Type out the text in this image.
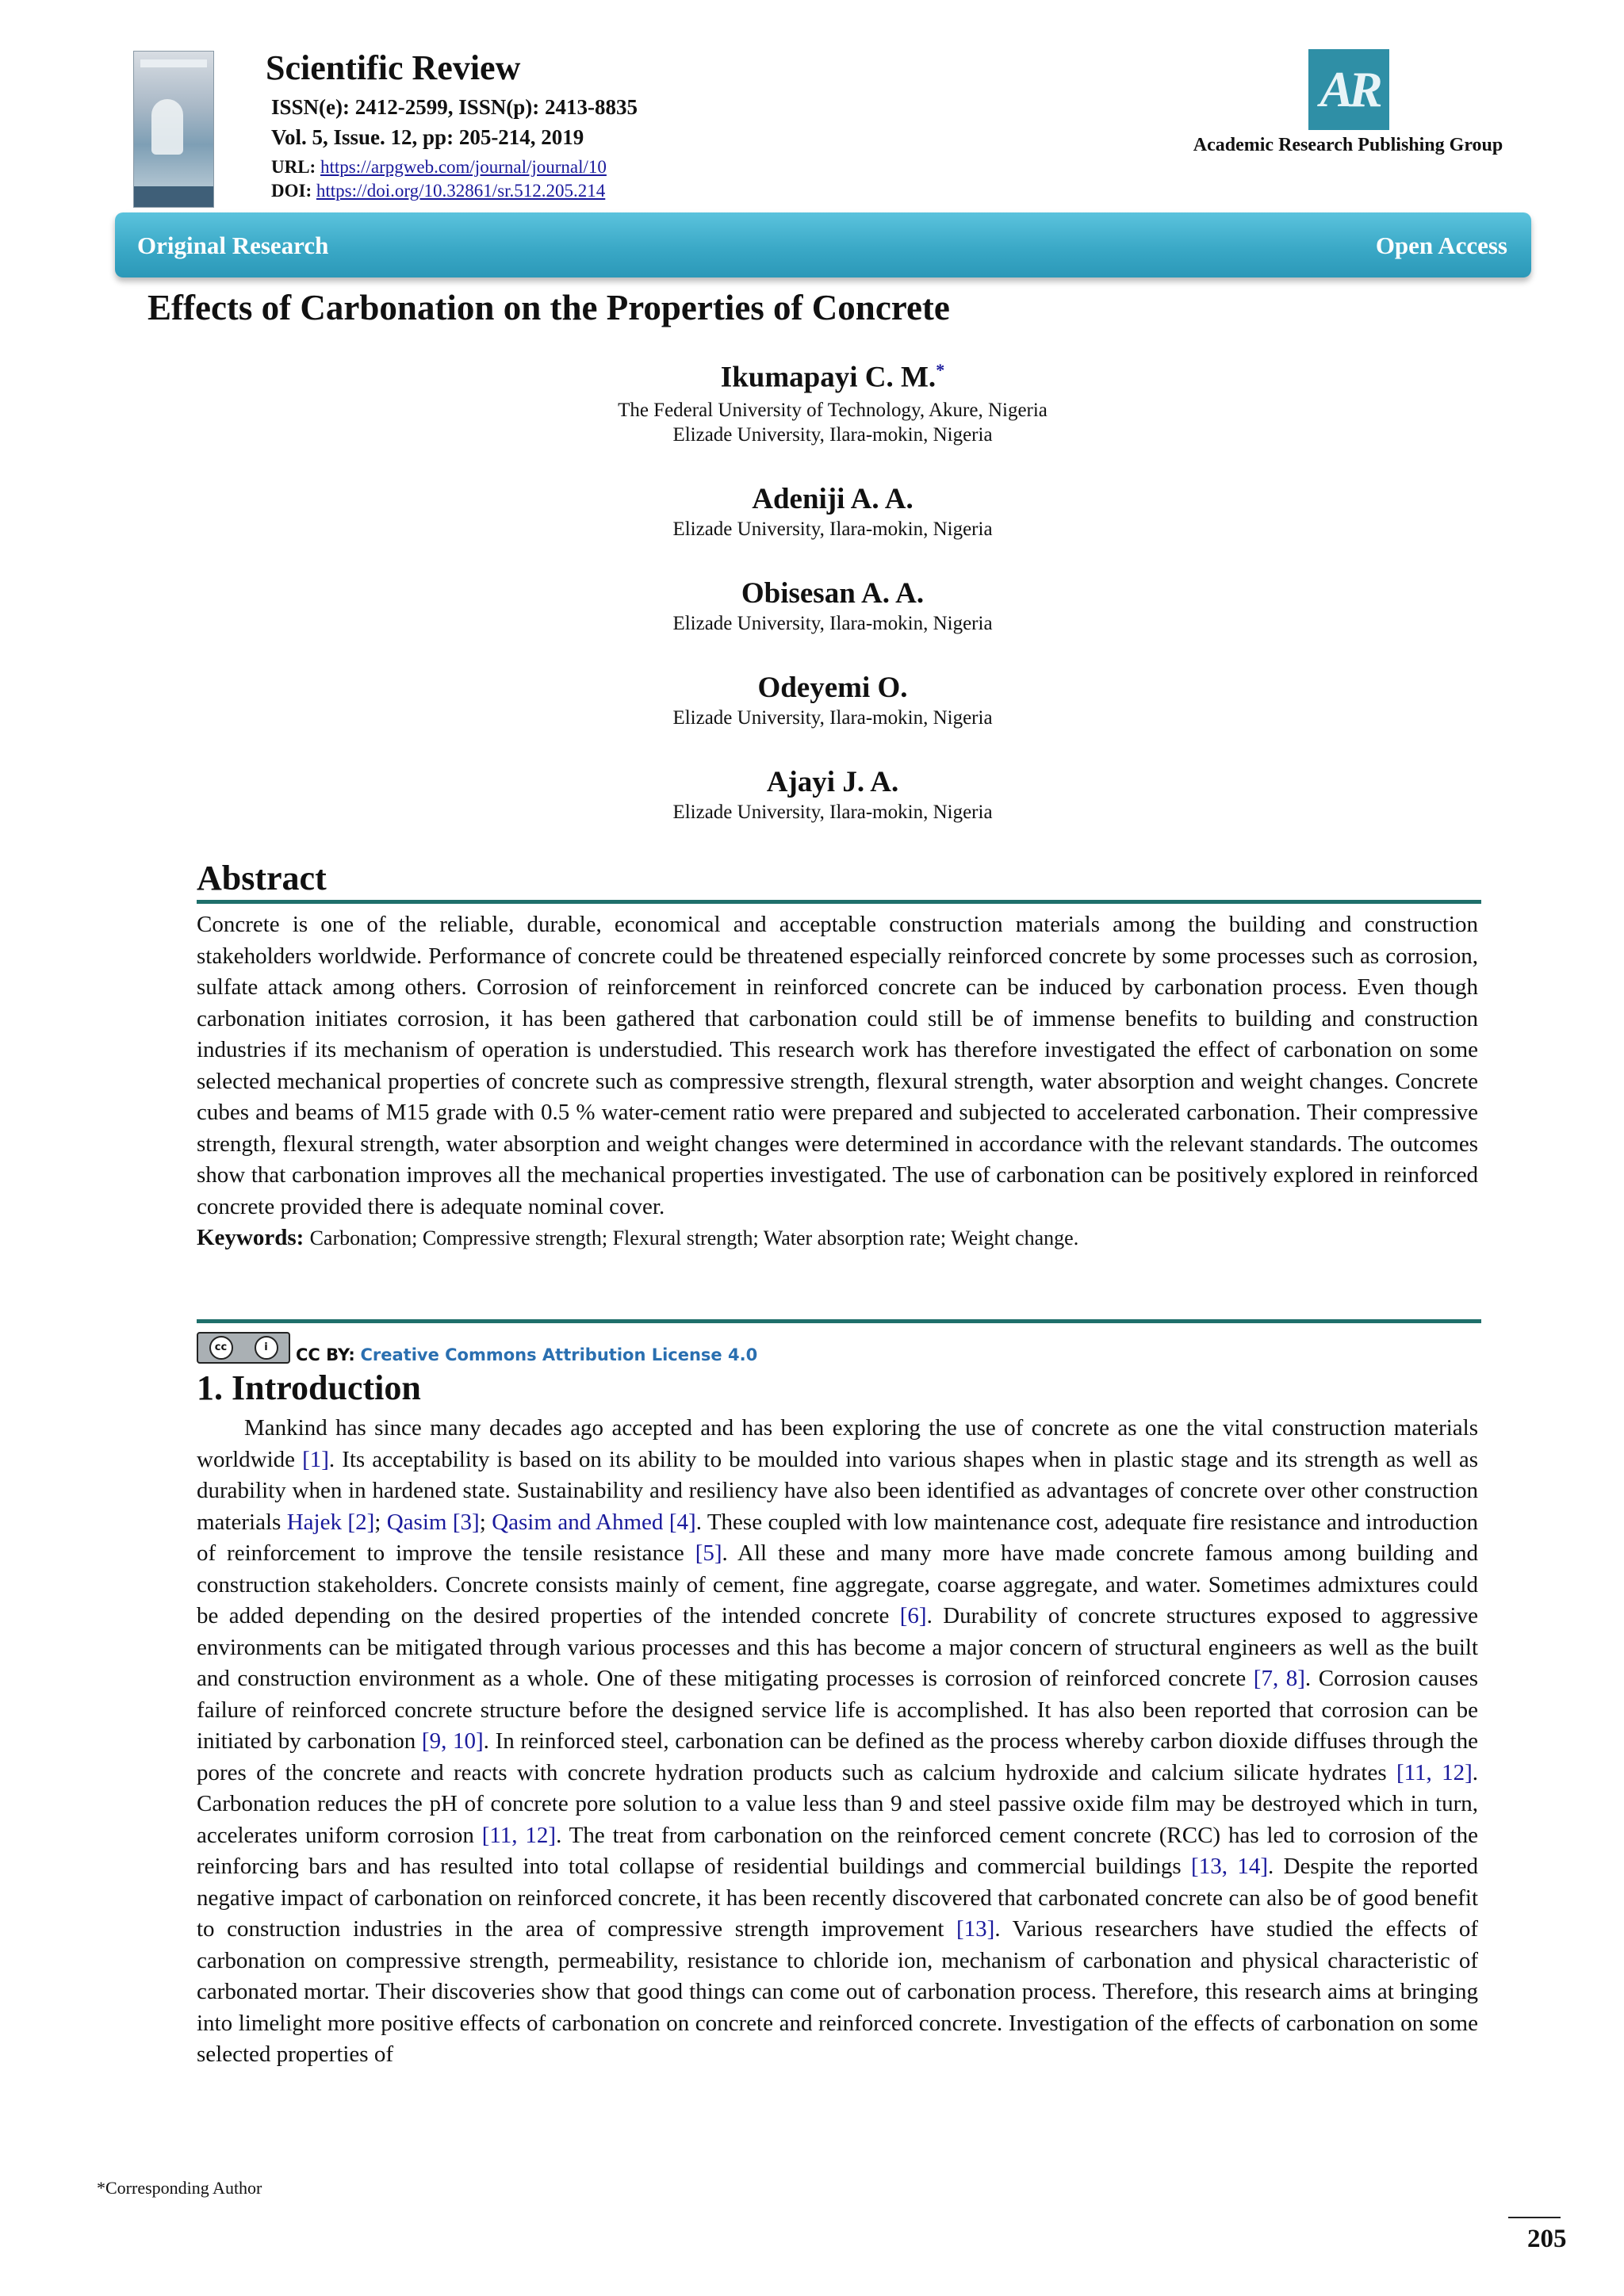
Scientific Review
ISSN(e): 2412-2599, ISSN(p): 2413-8835
Vol. 5, Issue. 12, pp: 205-214, 2019
URL: https://arpgweb.com/journal/journal/10
DOI: https://doi.org/10.32861/sr.512.205.214
AR
Academic Research Publishing Group
Original Research	Open Access
Effects of Carbonation on the Properties of Concrete
Ikumapayi C. M.*
The Federal University of Technology, Akure, Nigeria
Elizade University, Ilara-mokin, Nigeria
Adeniji A. A.
Elizade University, Ilara-mokin, Nigeria
Obisesan A. A.
Elizade University, Ilara-mokin, Nigeria
Odeyemi O.
Elizade University, Ilara-mokin, Nigeria
Ajayi J. A.
Elizade University, Ilara-mokin, Nigeria
Abstract
Concrete is one of the reliable, durable, economical and acceptable construction materials among the building and construction stakeholders worldwide. Performance of concrete could be threatened especially reinforced concrete by some processes such as corrosion, sulfate attack among others. Corrosion of reinforcement in reinforced concrete can be induced by carbonation process. Even though carbonation initiates corrosion, it has been gathered that carbonation could still be of immense benefits to building and construction industries if its mechanism of operation is understudied. This research work has therefore investigated the effect of carbonation on some selected mechanical properties of concrete such as compressive strength, flexural strength, water absorption and weight changes. Concrete cubes and beams of M15 grade with 0.5 % water-cement ratio were prepared and subjected to accelerated carbonation. Their compressive strength, flexural strength, water absorption and weight changes were determined in accordance with the relevant standards. The outcomes show that carbonation improves all the mechanical properties investigated. The use of carbonation can be positively explored in reinforced concrete provided there is adequate nominal cover.
Keywords: Carbonation; Compressive strength; Flexural strength; Water absorption rate; Weight change.
cc	i	CC BY: Creative Commons Attribution License 4.0
1. Introduction
Mankind has since many decades ago accepted and has been exploring the use of concrete as one the vital construction materials worldwide [1]. Its acceptability is based on its ability to be moulded into various shapes when in plastic stage and its strength as well as durability when in hardened state. Sustainability and resiliency have also been identified as advantages of concrete over other construction materials Hajek [2]; Qasim [3]; Qasim and Ahmed [4]. These coupled with low maintenance cost, adequate fire resistance and introduction of reinforcement to improve the tensile resistance [5]. All these and many more have made concrete famous among building and construction stakeholders. Concrete consists mainly of cement, fine aggregate, coarse aggregate, and water. Sometimes admixtures could be added depending on the desired properties of the intended concrete [6]. Durability of concrete structures exposed to aggressive environments can be mitigated through various processes and this has become a major concern of structural engineers as well as the built and construction environment as a whole. One of these mitigating processes is corrosion of reinforced concrete [7, 8]. Corrosion causes failure of reinforced concrete structure before the designed service life is accomplished. It has also been reported that corrosion can be initiated by carbonation [9, 10]. In reinforced steel, carbonation can be defined as the process whereby carbon dioxide diffuses through the pores of the concrete and reacts with concrete hydration products such as calcium hydroxide and calcium silicate hydrates [11, 12]. Carbonation reduces the pH of concrete pore solution to a value less than 9 and steel passive oxide film may be destroyed which in turn, accelerates uniform corrosion [11, 12]. The treat from carbonation on the reinforced cement concrete (RCC) has led to corrosion of the reinforcing bars and has resulted into total collapse of residential buildings and commercial buildings [13, 14]. Despite the reported negative impact of carbonation on reinforced concrete, it has been recently discovered that carbonated concrete can also be of good benefit to construction industries in the area of compressive strength improvement [13]. Various researchers have studied the effects of carbonation on compressive strength, permeability, resistance to chloride ion, mechanism of carbonation and physical characteristic of carbonated mortar. Their discoveries show that good things can come out of carbonation process. Therefore, this research aims at bringing into limelight more positive effects of carbonation on concrete and reinforced concrete. Investigation of the effects of carbonation on some selected properties of
*Corresponding Author
205
